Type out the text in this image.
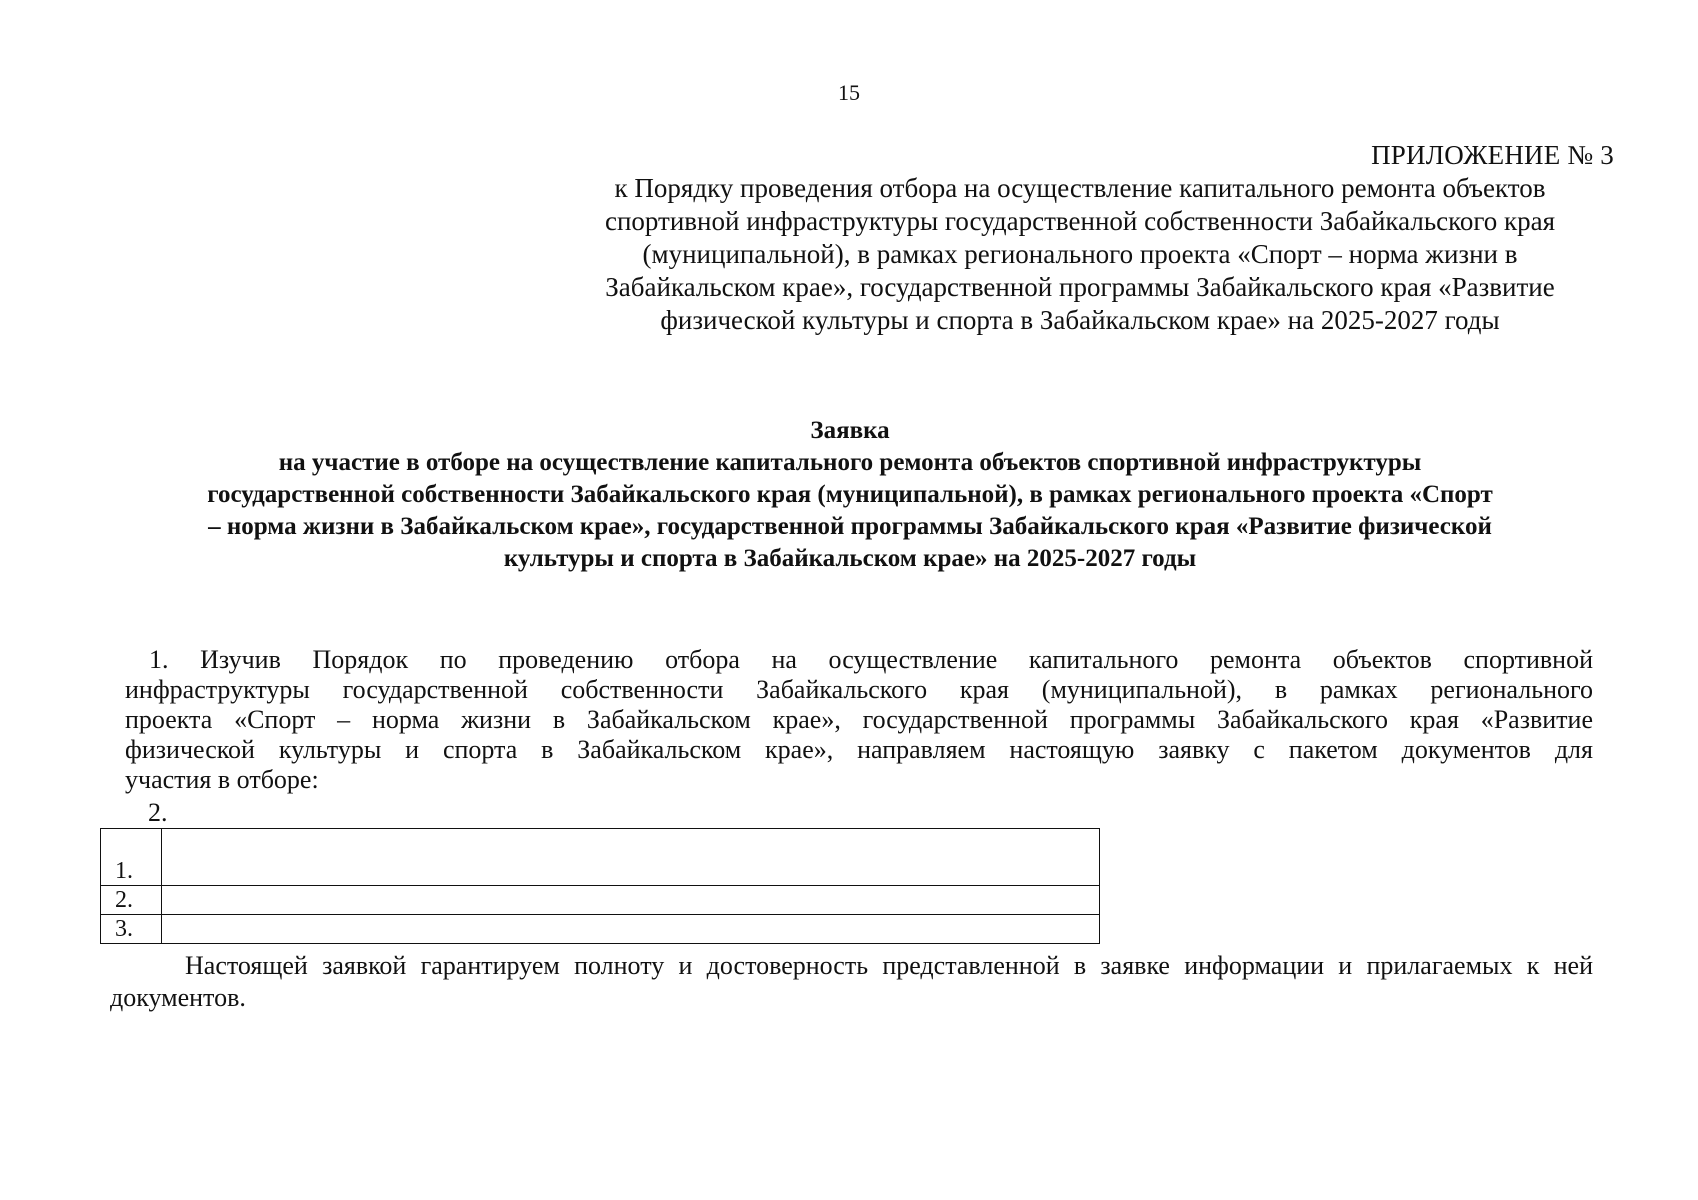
15
ПРИЛОЖЕНИЕ № 3
к Порядку проведения отбора на осуществление капитального ремонта объектов
спортивной инфраструктуры государственной собственности Забайкальского края
(муниципальной), в рамках регионального проекта «Спорт – норма жизни в
Забайкальском крае», государственной программы Забайкальского края «Развитие
физической культуры и спорта в Забайкальском крае» на 2025-2027 годы
Заявка
на участие в отборе на осуществление капитального ремонта объектов спортивной инфраструктуры
государственной собственности Забайкальского края (муниципальной), в рамках регионального проекта «Спорт
– норма жизни в Забайкальском крае», государственной программы Забайкальского края «Развитие физической
культуры и спорта в Забайкальском крае» на 2025-2027 годы
1. Изучив Порядок по проведению отбора на осуществление капитального ремонта объектов спортивной
инфраструктуры государственной собственности Забайкальского края (муниципальной), в рамках регионального
проекта «Спорт – норма жизни в Забайкальском крае», государственной программы Забайкальского края «Развитие
физической культуры и спорта в Забайкальском крае», направляем настоящую заявку с пакетом документов для
участия в отборе:
2.
1.	
2.	
3.	
Настоящей заявкой гарантируем полноту и достоверность представленной в заявке информации и прилагаемых к ней
документов.
